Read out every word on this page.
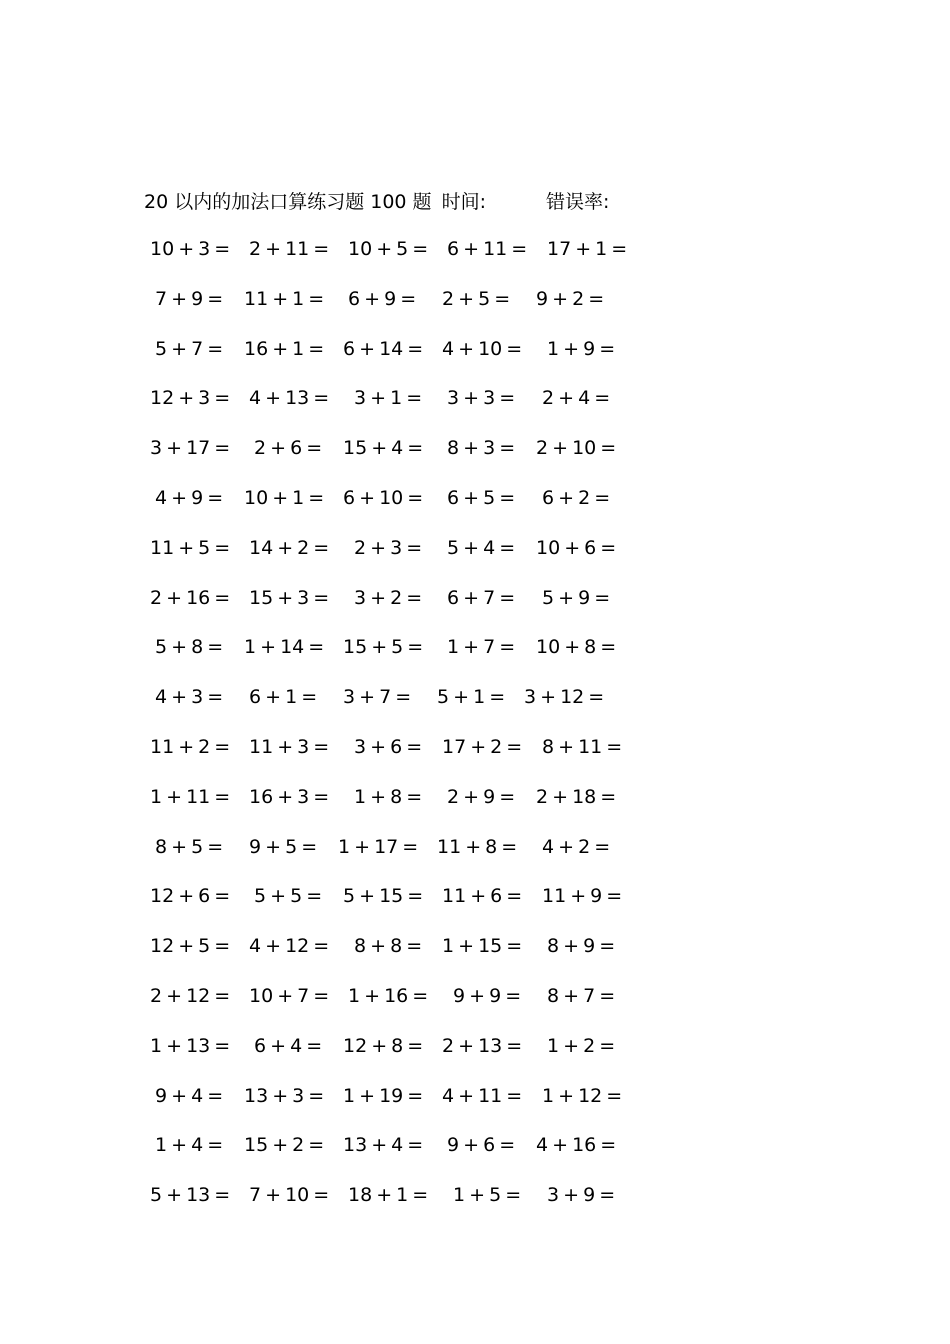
20 以内的加法口算练习题 100 题 时间:	错误率:
10 + 3 = 2 + 11 = 10 + 5 = 6 + 11 = 17 + 1 =
7 + 9 = 11 + 1 = 6 + 9 = 2 + 5 = 9 + 2 =
5 + 7 = 16 + 1 = 6 + 14 = 4 + 10 = 1 + 9 =
12 + 3 = 4 + 13 = 3 + 1 = 3 + 3 = 2 + 4 =
3 + 17 = 2 + 6 = 15 + 4 = 8 + 3 = 2 + 10 =
4 + 9 = 10 + 1 = 6 + 10 = 6 + 5 = 6 + 2 =
11 + 5 = 14 + 2 = 2 + 3 = 5 + 4 = 10 + 6 =
2 + 16 = 15 + 3 = 3 + 2 = 6 + 7 = 5 + 9 =
5 + 8 = 1 + 14 = 15 + 5 = 1 + 7 = 10 + 8 =
4 + 3 = 6 + 1 = 3 + 7 = 5 + 1 = 3 + 12 =
11 + 2 = 11 + 3 = 3 + 6 = 17 + 2 = 8 + 11 =
1 + 11 = 16 + 3 = 1 + 8 = 2 + 9 = 2 + 18 =
8 + 5 = 9 + 5 = 1 + 17 = 11 + 8 = 4 + 2 =
12 + 6 = 5 + 5 = 5 + 15 = 11 + 6 = 11 + 9 =
12 + 5 = 4 + 12 = 8 + 8 = 1 + 15 = 8 + 9 =
2 + 12 = 10 + 7 = 1 + 16 = 9 + 9 = 8 + 7 =
1 + 13 = 6 + 4 = 12 + 8 = 2 + 13 = 1 + 2 =
9 + 4 = 13 + 3 = 1 + 19 = 4 + 11 = 1 + 12 =
1 + 4 = 15 + 2 = 13 + 4 = 9 + 6 = 4 + 16 =
5 + 13 = 7 + 10 = 18 + 1 = 1 + 5 = 3 + 9 =
